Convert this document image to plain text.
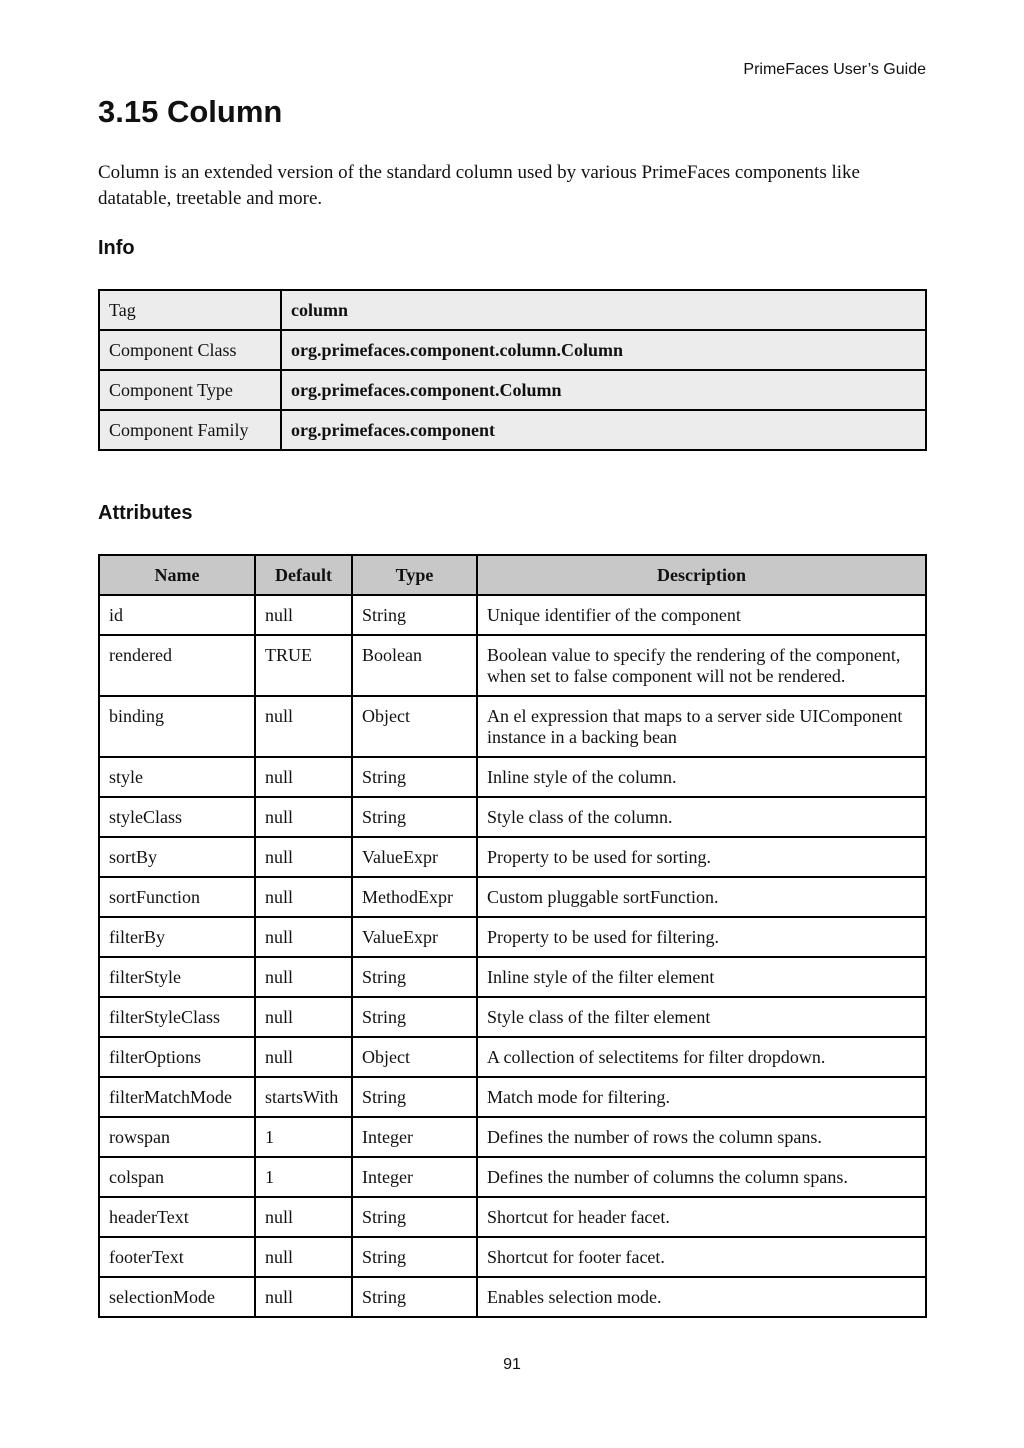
PrimeFaces User’s Guide
3.15 Column

Column is an extended version of the standard column used by various PrimeFaces components like datatable, treetable and more.

Info
Tag	column
Component Class	org.primefaces.component.column.Column
Component Type	org.primefaces.component.Column
Component Family	org.primefaces.component
Attributes
Name	Default	Type	Description
id	null	String	Unique identifier of the component
rendered	TRUE	Boolean	Boolean value to specify the rendering of the component, when set to false component will not be rendered.
binding	null	Object	An el expression that maps to a server side UIComponent instance in a backing bean
style	null	String	Inline style of the column.
styleClass	null	String	Style class of the column.
sortBy	null	ValueExpr	Property to be used for sorting.
sortFunction	null	MethodExpr	Custom pluggable sortFunction.
filterBy	null	ValueExpr	Property to be used for filtering.
filterStyle	null	String	Inline style of the filter element
filterStyleClass	null	String	Style class of the filter element
filterOptions	null	Object	A collection of selectitems for filter dropdown.
filterMatchMode	startsWith	String	Match mode for filtering.
rowspan	1	Integer	Defines the number of rows the column spans.
colspan	1	Integer	Defines the number of columns the column spans.
headerText	null	String	Shortcut for header facet.
footerText	null	String	Shortcut for footer facet.
selectionMode	null	String	Enables selection mode.
91
